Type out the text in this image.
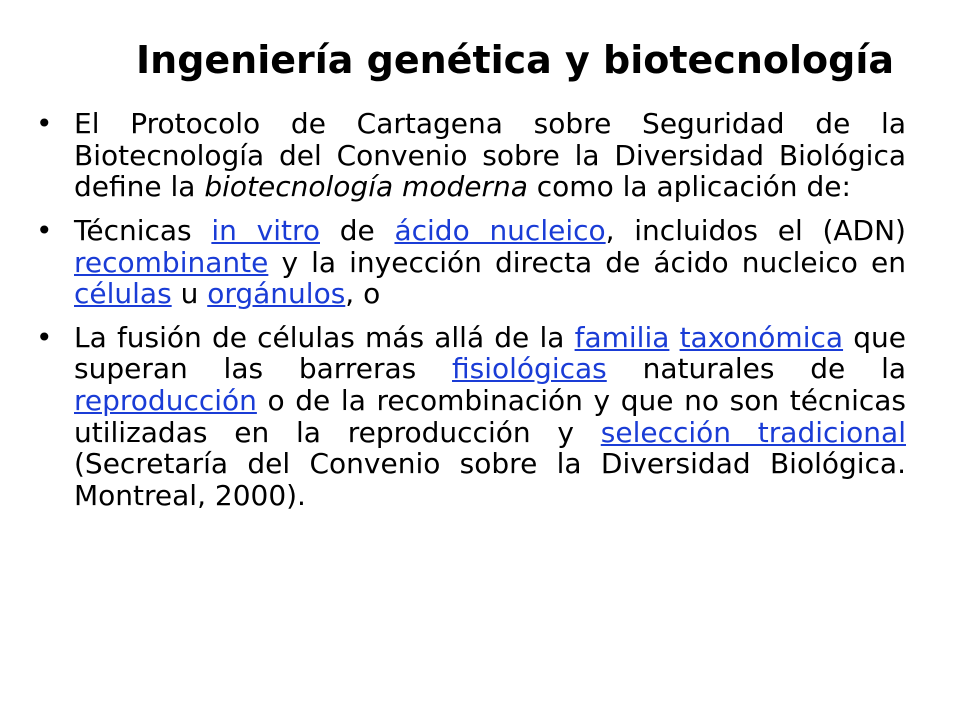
Ingeniería genética y biotecnología
• El Protocolo de Cartagena sobre Seguridad de la Biotecnología del Convenio sobre la Diversidad Biológica define la biotecnología moderna como la aplicación de:
• Técnicas in vitro de ácido nucleico, incluidos el (ADN) recombinante y la inyección directa de ácido nucleico en células u orgánulos, o
• La fusión de células más allá de la familia taxonómica que superan las barreras fisiológicas naturales de la reproducción o de la recombinación y que no son técnicas utilizadas en la reproducción y selección tradicional (Secretaría del Convenio sobre la Diversidad Biológica. Montreal, 2000).
